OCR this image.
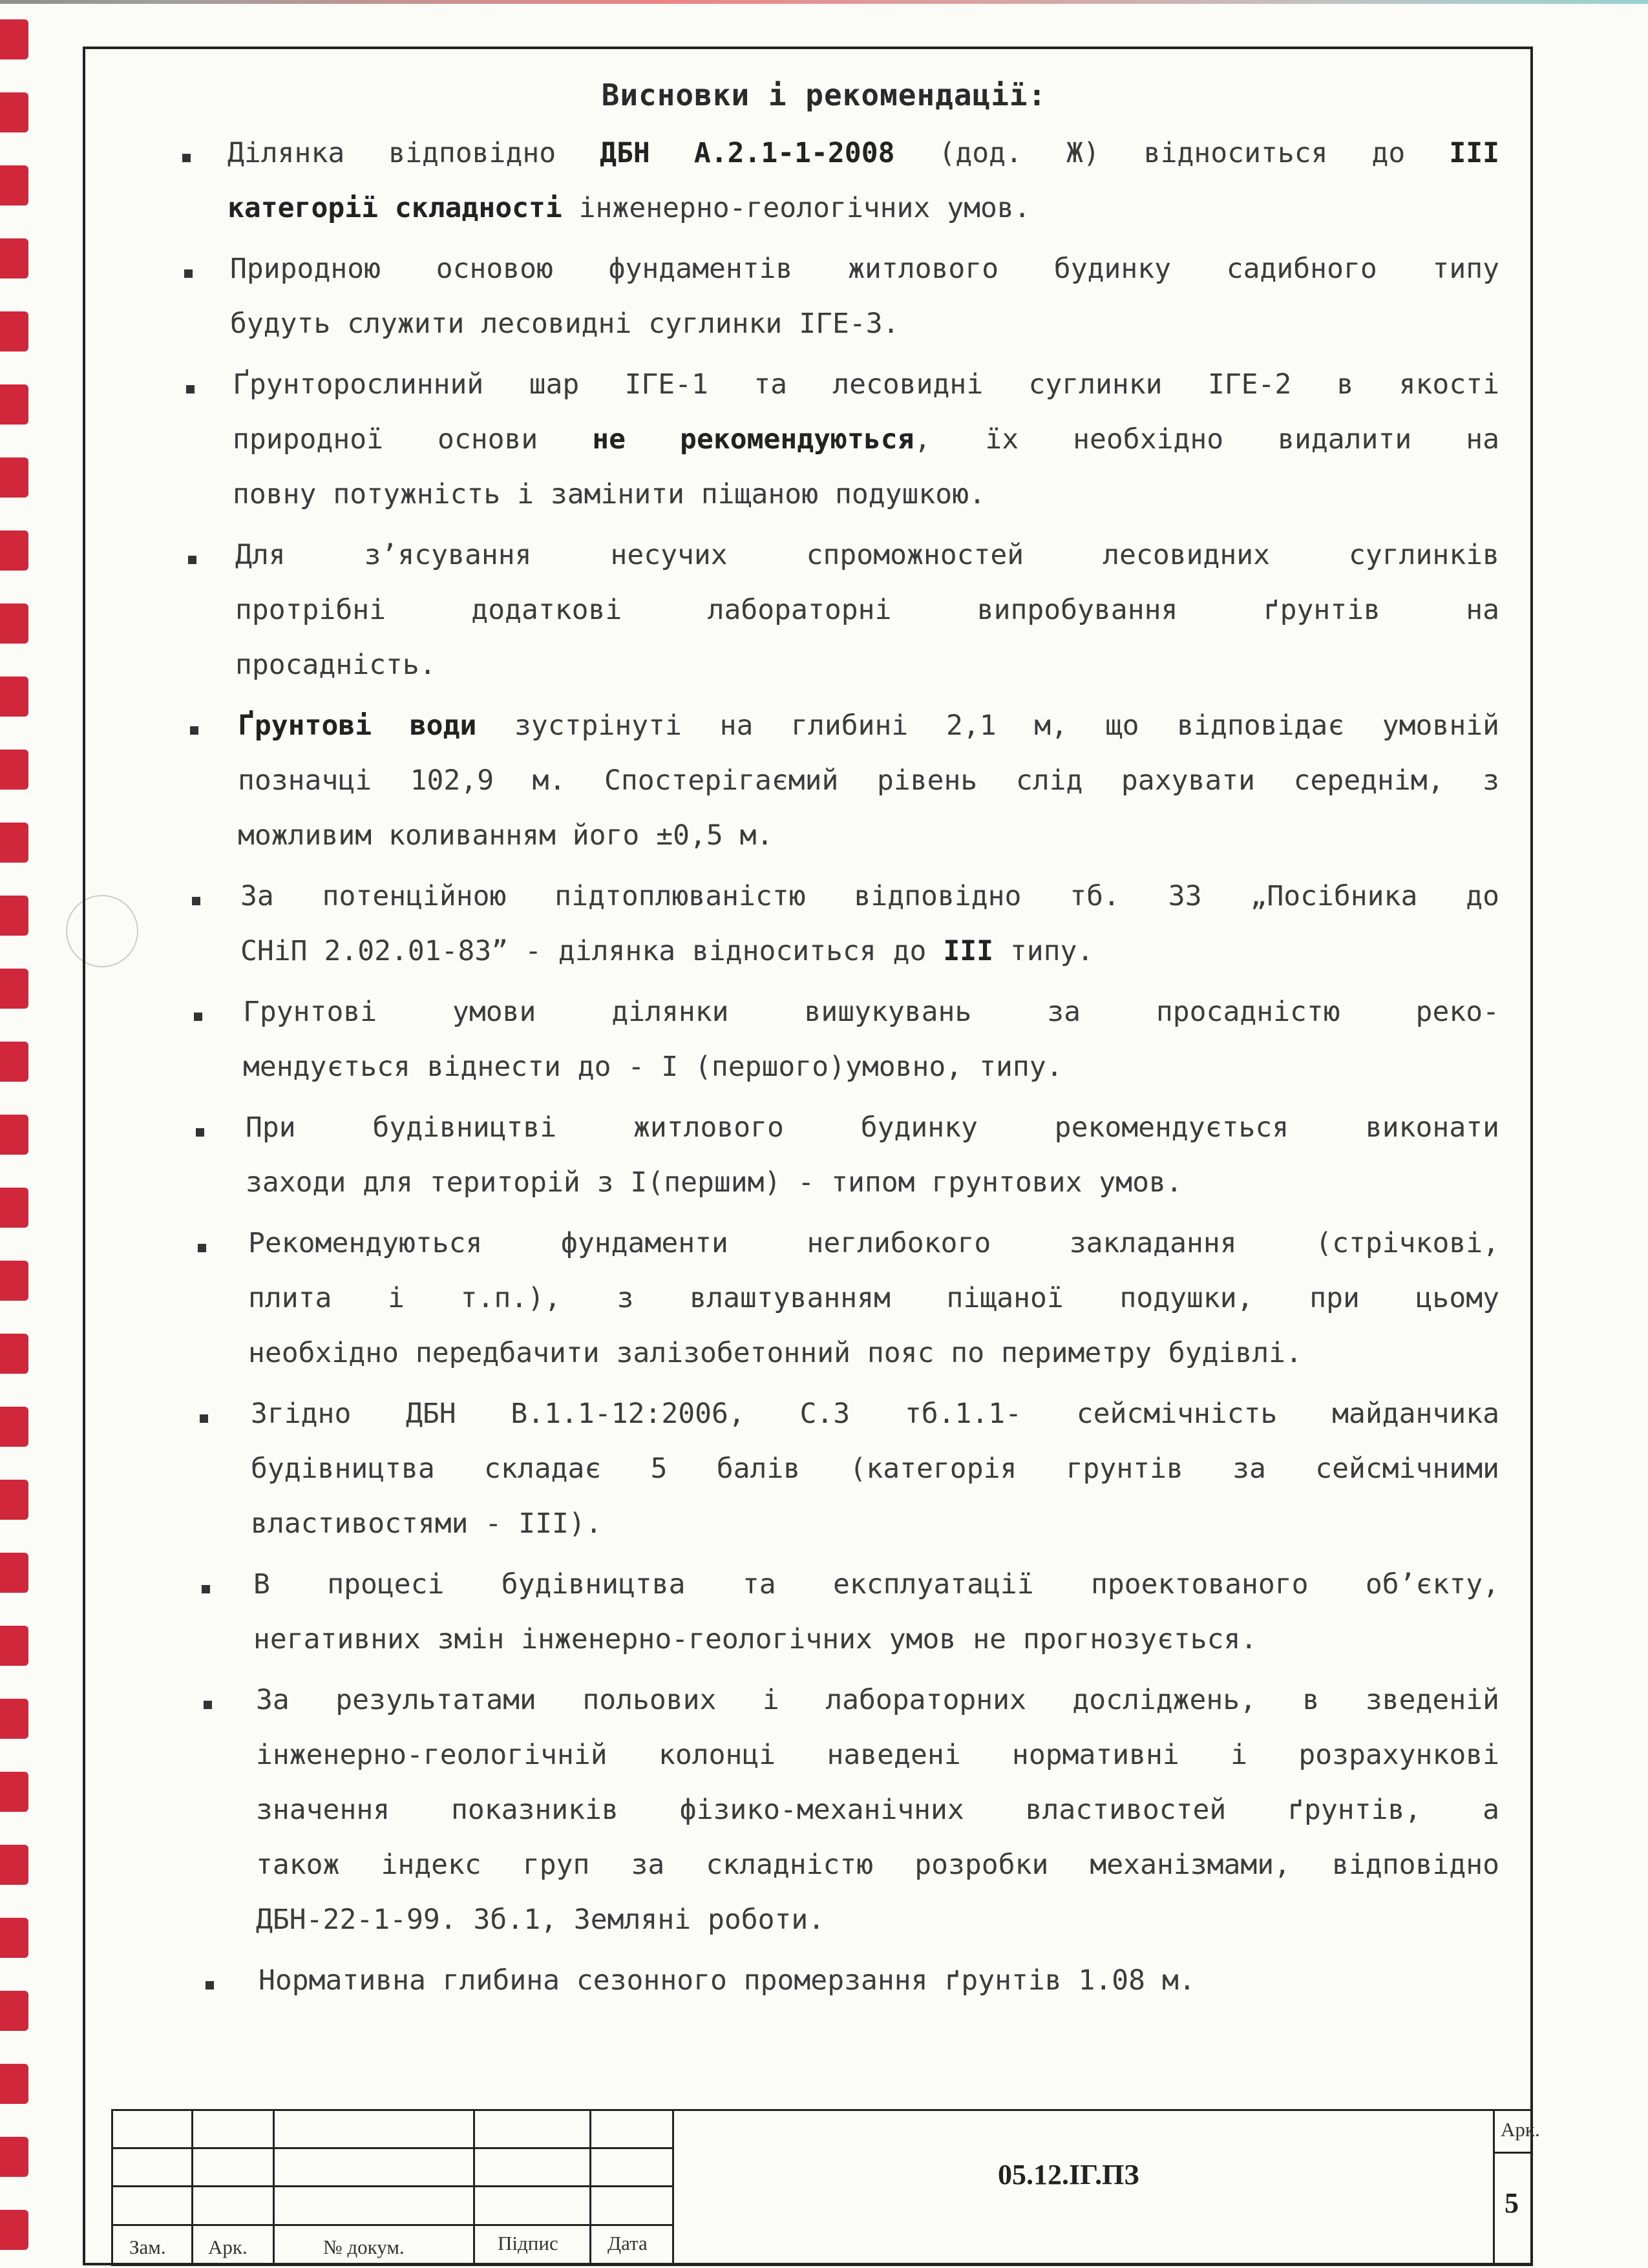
Висновки і рекомендації:
Ділянка відповідно ДБН А.2.1-1-2008 (дод. Ж) відноситься до III
категорії складності інженерно-геологічних умов.
Природною основою фундаментів житлового будинку садибного типу
будуть служити лесовидні суглинки ІГЕ-3.
Ґрунторослинний шар ІГЕ-1 та лесовидні суглинки ІГЕ-2 в якості
природної основи не рекомендуються, їх необхідно видалити на
повну потужність і замінити піщаною подушкою.
Для з’ясування несучих спроможностей лесовидних суглинків
протрібні додаткові лабораторні випробування ґрунтів на
просадність.
Ґрунтові води зустрінуті на глибині 2,1 м, що відповідає умовній
позначці 102,9 м. Спостерігаємий рівень слід рахувати середнім, з
можливим коливанням його ±0,5 м.
За потенційною підтоплюваністю відповідно тб. 33 „Посібника до
СНіП 2.02.01-83” - ділянка відноситься до III типу.
Грунтові умови ділянки вишукувань за просадністю реко-
мендується віднести до - I (першого)умовно, типу.
При будівництві житлового будинку рекомендується виконати
заходи для територій з I(першим) - типом грунтових умов.
Рекомендуються фундаменти неглибокого закладання (стрічкові,
плита і т.п.), з влаштуванням піщаної подушки, при цьому
необхідно передбачити залізобетонний пояс по периметру будівлі.
Згідно ДБН В.1.1-12:2006, С.3 тб.1.1- сейсмічність майданчика
будівництва складає 5 балів (категорія грунтів за сейсмічними
властивостями - III).
В процесі будівництва та експлуатації проектованого об’єкту,
негативних змін інженерно-геологічних умов не прогнозується.
За результатами польових і лабораторних досліджень, в зведеній
інженерно-геологічній колонці наведені нормативні і розрахункові
значення показників фізико-механічних властивостей ґрунтів, а
також індекс груп за складністю розробки механізмами, відповідно
ДБН-22-1-99. Зб.1, Земляні роботи.
Нормативна глибина сезонного промерзання ґрунтів 1.08 м.
Зам. Арк.	№ докум.	Підпис Дата
05.12.ІГ.ПЗ
Арк.
5
